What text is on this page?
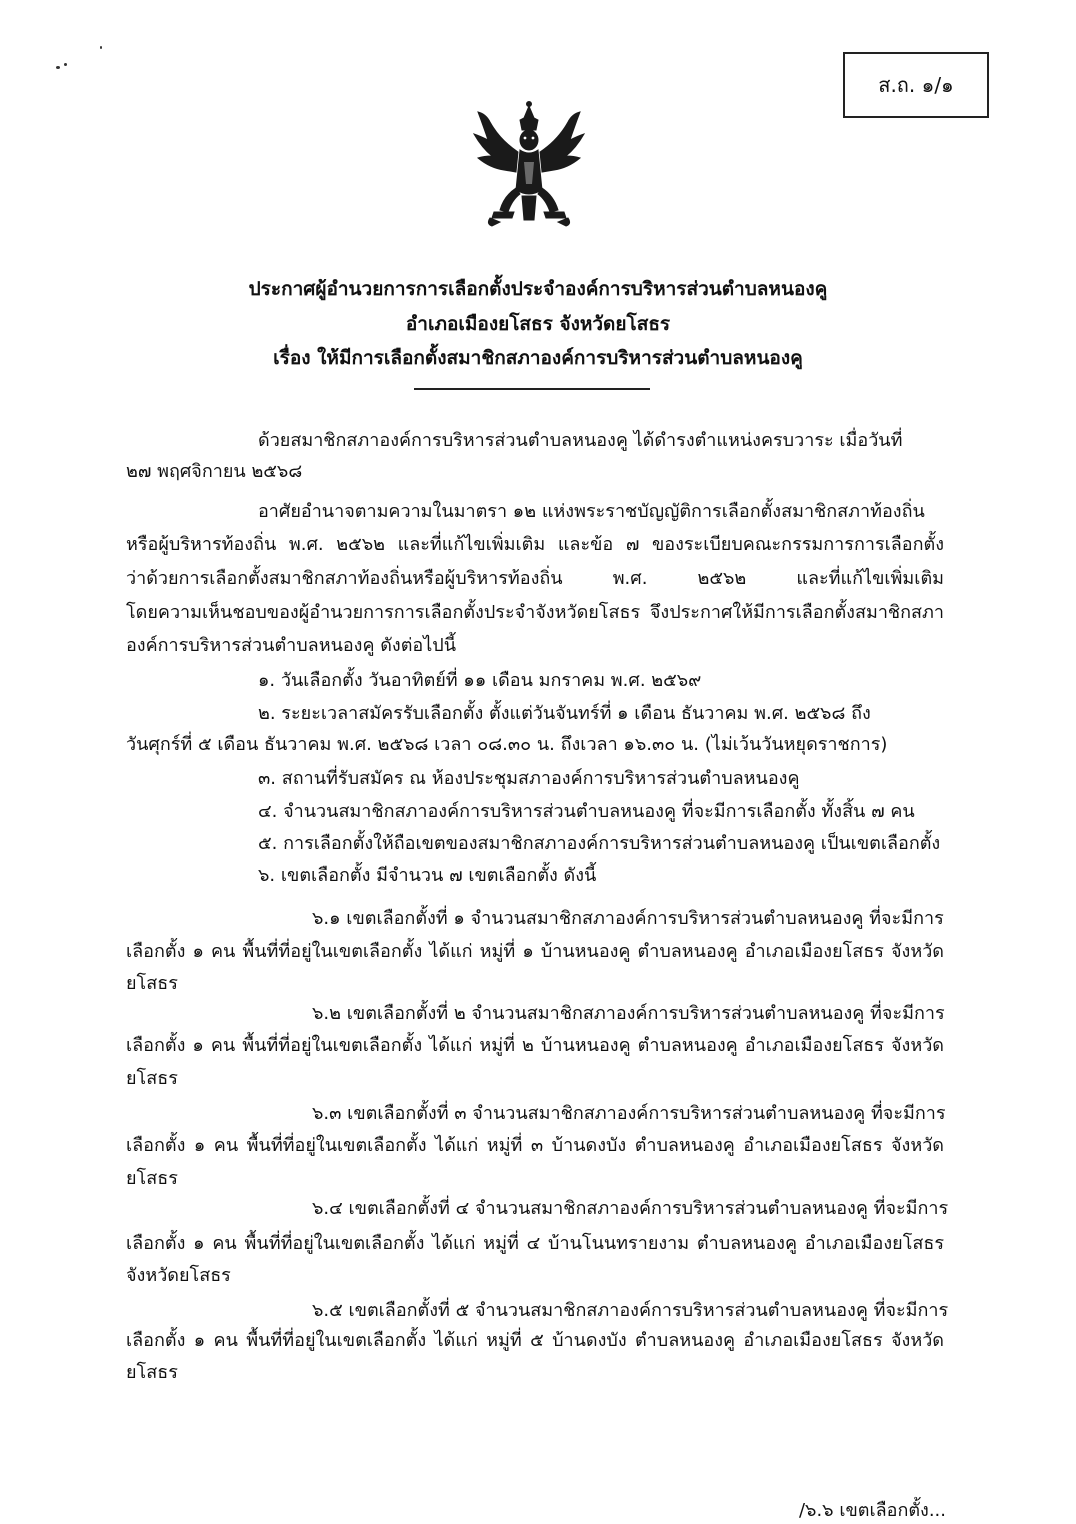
ส.ถ. ๑/๑
ประกาศผู้อำนวยการการเลือกตั้งประจำองค์การบริหารส่วนตำบลหนองคู
อำเภอเมืองยโสธร จังหวัดยโสธร
เรื่อง ให้มีการเลือกตั้งสมาชิกสภาองค์การบริหารส่วนตำบลหนองคู
ด้วยสมาชิกสภาองค์การบริหารส่วนตำบลหนองคู ได้ดำรงตำแหน่งครบวาระ เมื่อวันที่
๒๗ พฤศจิกายน ๒๕๖๘
อาศัยอำนาจตามความในมาตรา ๑๒ แห่งพระราชบัญญัติการเลือกตั้งสมาชิกสภาท้องถิ่น
หรือผู้บริหารท้องถิ่น พ.ศ. ๒๕๖๒ และที่แก้ไขเพิ่มเติม และข้อ ๗ ของระเบียบคณะกรรมการการเลือกตั้ง
ว่าด้วยการเลือกตั้งสมาชิกสภาท้องถิ่นหรือผู้บริหารท้องถิ่น พ.ศ. ๒๕๖๒ และที่แก้ไขเพิ่มเติม
โดยความเห็นชอบของผู้อำนวยการการเลือกตั้งประจำจังหวัดยโสธร จึงประกาศให้มีการเลือกตั้งสมาชิกสภา
องค์การบริหารส่วนตำบลหนองคู ดังต่อไปนี้
๑. วันเลือกตั้ง วันอาทิตย์ที่ ๑๑ เดือน มกราคม พ.ศ. ๒๕๖๙
๒. ระยะเวลาสมัครรับเลือกตั้ง ตั้งแต่วันจันทร์ที่ ๑ เดือน ธันวาคม พ.ศ. ๒๕๖๘ ถึง
วันศุกร์ที่ ๕ เดือน ธันวาคม พ.ศ. ๒๕๖๘ เวลา ๐๘.๓๐ น. ถึงเวลา ๑๖.๓๐ น. (ไม่เว้นวันหยุดราชการ)
๓. สถานที่รับสมัคร ณ ห้องประชุมสภาองค์การบริหารส่วนตำบลหนองคู
๔. จำนวนสมาชิกสภาองค์การบริหารส่วนตำบลหนองคู ที่จะมีการเลือกตั้ง ทั้งสิ้น ๗ คน
๕. การเลือกตั้งให้ถือเขตของสมาชิกสภาองค์การบริหารส่วนตำบลหนองคู เป็นเขตเลือกตั้ง
๖. เขตเลือกตั้ง มีจำนวน ๗ เขตเลือกตั้ง ดังนี้
๖.๑ เขตเลือกตั้งที่ ๑ จำนวนสมาชิกสภาองค์การบริหารส่วนตำบลหนองคู ที่จะมีการ
เลือกตั้ง ๑ คน พื้นที่ที่อยู่ในเขตเลือกตั้ง ได้แก่ หมู่ที่ ๑ บ้านหนองคู ตำบลหนองคู อำเภอเมืองยโสธร จังหวัด
ยโสธร
๖.๒ เขตเลือกตั้งที่ ๒ จำนวนสมาชิกสภาองค์การบริหารส่วนตำบลหนองคู ที่จะมีการ
เลือกตั้ง ๑ คน พื้นที่ที่อยู่ในเขตเลือกตั้ง ได้แก่ หมู่ที่ ๒ บ้านหนองคู ตำบลหนองคู อำเภอเมืองยโสธร จังหวัด
ยโสธร
๖.๓ เขตเลือกตั้งที่ ๓ จำนวนสมาชิกสภาองค์การบริหารส่วนตำบลหนองคู ที่จะมีการ
เลือกตั้ง ๑ คน พื้นที่ที่อยู่ในเขตเลือกตั้ง ได้แก่ หมู่ที่ ๓ บ้านดงบัง ตำบลหนองคู อำเภอเมืองยโสธร จังหวัด
ยโสธร
๖.๔ เขตเลือกตั้งที่ ๔ จำนวนสมาชิกสภาองค์การบริหารส่วนตำบลหนองคู ที่จะมีการ
เลือกตั้ง ๑ คน พื้นที่ที่อยู่ในเขตเลือกตั้ง ได้แก่ หมู่ที่ ๔ บ้านโนนทรายงาม ตำบลหนองคู อำเภอเมืองยโสธร
จังหวัดยโสธร
๖.๕ เขตเลือกตั้งที่ ๕ จำนวนสมาชิกสภาองค์การบริหารส่วนตำบลหนองคู ที่จะมีการ
เลือกตั้ง ๑ คน พื้นที่ที่อยู่ในเขตเลือกตั้ง ได้แก่ หมู่ที่ ๕ บ้านดงบัง ตำบลหนองคู อำเภอเมืองยโสธร จังหวัด
ยโสธร
/๖.๖ เขตเลือกตั้ง...
